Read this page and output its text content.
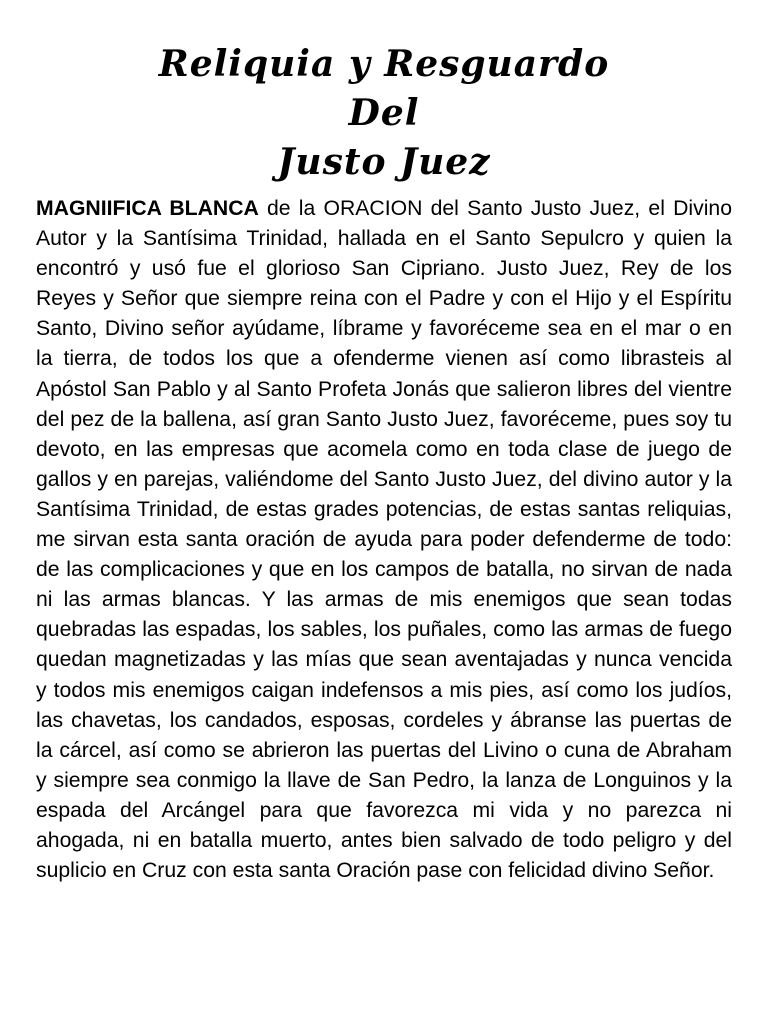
Reliquia y Resguardo
Del
Justo Juez

MAGNIIFICA BLANCA de la ORACION del Santo Justo Juez, el Divino Autor y la Santísima Trinidad, hallada en el Santo Sepulcro y quien la encontró y usó fue el glorioso San Cipriano. Justo Juez, Rey de los Reyes y Señor que siempre reina con el Padre y con el Hijo y el Espíritu Santo, Divino señor ayúdame, líbrame y favoréceme sea en el mar o en la tierra, de todos los que a ofenderme vienen así como librasteis al Apóstol San Pablo y al Santo Profeta Jonás que salieron libres del vientre del pez de la ballena, así gran Santo Justo Juez, favoréceme, pues soy tu devoto, en las empresas que acomela como en toda clase de juego de gallos y en parejas, valiéndome del Santo Justo Juez, del divino autor y la Santísima Trinidad, de estas grades potencias, de estas santas reliquias, me sirvan esta santa oración de ayuda para poder defenderme de todo: de las complicaciones y que en los campos de batalla, no sirvan de nada ni las armas blancas. Y las armas de mis enemigos que sean todas quebradas las espadas, los sables, los puñales, como las armas de fuego quedan magnetizadas y las mías que sean aventajadas y nunca vencida y todos mis enemigos caigan indefensos a mis pies, así como los judíos, las chavetas, los candados, esposas, cordeles y ábranse las puertas de la cárcel, así como se abrieron las puertas del Livino o cuna de Abraham y siempre sea conmigo la llave de San Pedro, la lanza de Longuinos y la espada del Arcángel para que favorezca mi vida y no parezca ni ahogada, ni en batalla muerto, antes bien salvado de todo peligro y del suplicio en Cruz con esta santa Oración pase con felicidad divino Señor.
